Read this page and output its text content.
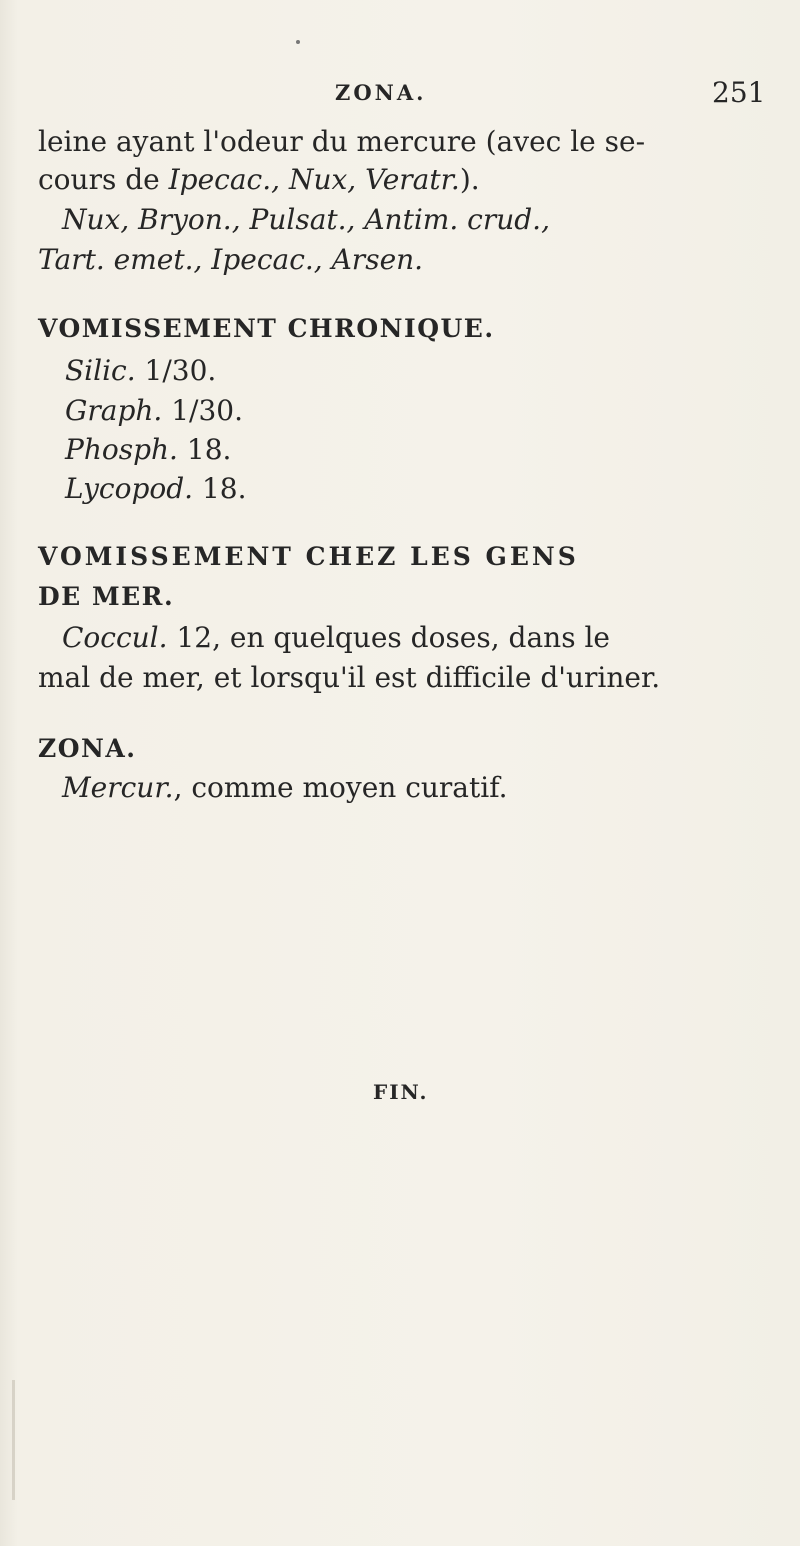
ZONA.	251
leine ayant l'odeur du mercure (avec le se-
cours de Ipecac., Nux, Veratr.).
Nux, Bryon., Pulsat., Antim. crud.,
Tart. emet., Ipecac., Arsen.
VOMISSEMENT CHRONIQUE.
Silic. 1/30.
Graph. 1/30.
Phosph. 18.
Lycopod. 18.
VOMISSEMENT CHEZ LES GENS
DE MER.
Coccul. 12, en quelques doses, dans le
mal de mer, et lorsqu'il est difficile d'uriner.
ZONA.
Mercur., comme moyen curatif.
FIN.
